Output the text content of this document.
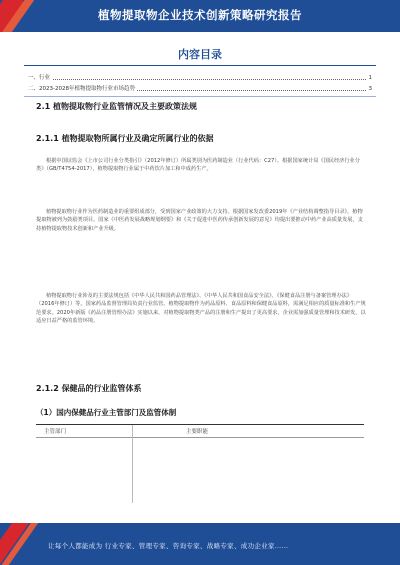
植物提取物企业技术创新策略研究报告
内容目录
一、行业	1
二、2023-2028年植物提取物行业市场趋势	3
2.1 植物提取物行业监管情况及主要政策法规
2.1.1 植物提取物所属行业及确定所属行业的依据
根据中国证监会《上市公司行业分类指引》（2012年修订）所属类别为医药制造业（行业代码：C27）。根据国家统计局《国民经济行业分类》（GB/T4754-2017），植物提取物行业属于中药饮片加工和中成药生产。
植物提取物行业作为医药制造业的重要组成部分，受到国家产业政策的大力支持。根据国家发改委2019年《产业结构调整指导目录》，植物提取物被列为鼓励类项目。国家《中医药发展战略规划纲要》和《关于促进中医药传承创新发展的意见》均提出要推动中药产业高质量发展，支持植物提取物技术创新和产业升级。
植物提取物行业涉及的主要法规包括《中华人民共和国药品管理法》、《中华人民共和国食品安全法》、《保健食品注册与备案管理办法》（2016年修订）等。国家药品监督管理局负责行业监管。植物提取物作为药品原料、食品原料和保健食品原料，需满足相应的质量标准和生产规范要求。2020年新版《药品注册管理办法》实施以来，对植物提取物类产品的注册和生产提出了更高要求，企业需加强质量管理和技术研发，以适应日益严格的监管环境。
2.1.2 保健品的行业监管体系
（1）国内保健品行业主管部门及监管体制
主管部门	主要职能
让每个人都能成为 行业专家、管理专家、咨询专家、战略专家、成功企业家……
